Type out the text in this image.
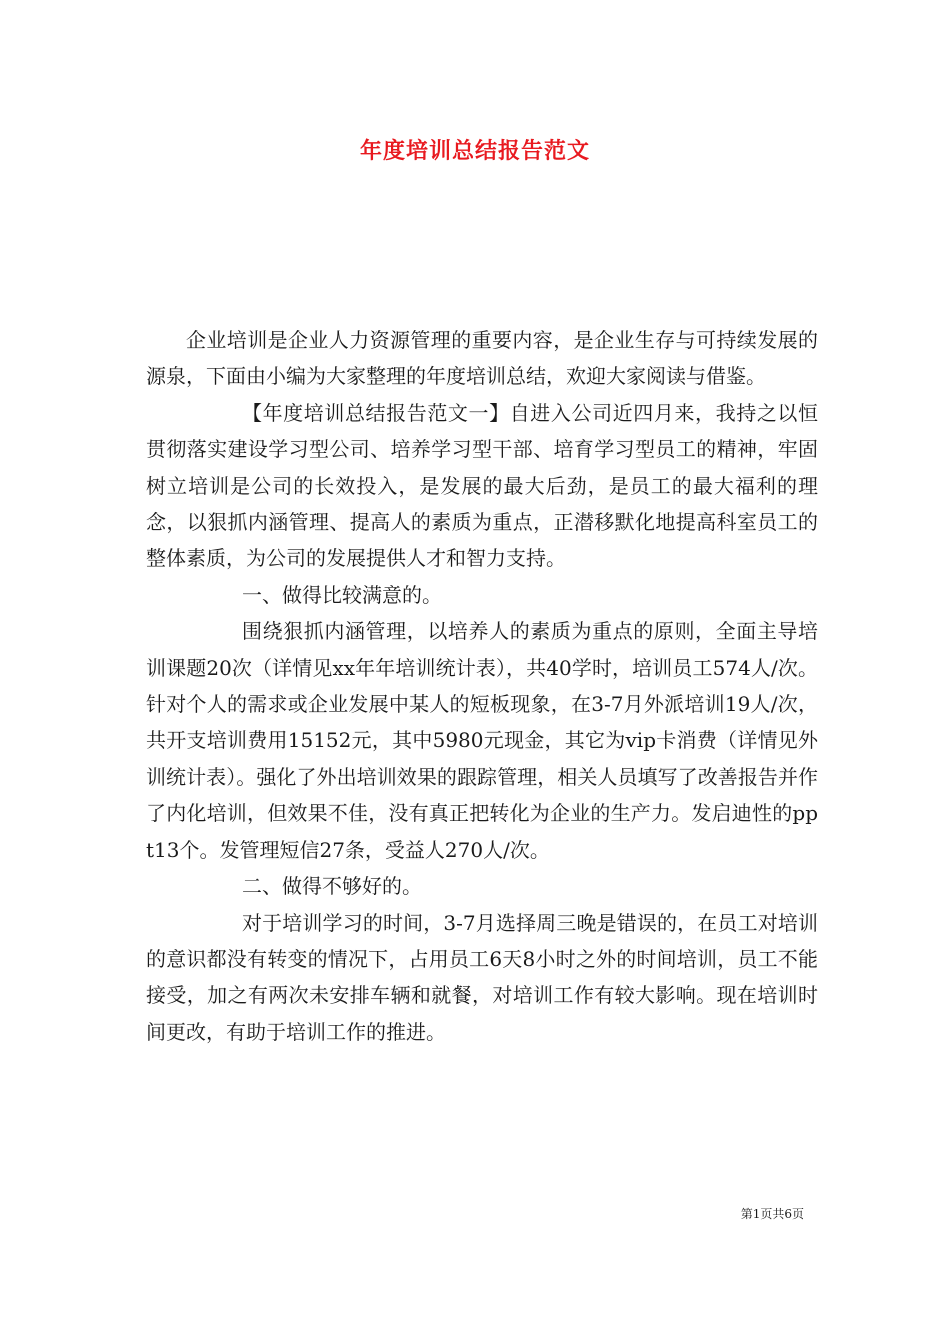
年度培训总结报告范文

企业培训是企业人力资源管理的重要内容，是企业生存与可持续发展的源泉，下面由小编为大家整理的年度培训总结，欢迎大家阅读与借鉴。

【年度培训总结报告范文一】自进入公司近四月来，我持之以恒贯彻落实建设学习型公司、培养学习型干部、培育学习型员工的精神，牢固树立培训是公司的长效投入，是发展的最大后劲，是员工的最大福利的理念，以狠抓内涵管理、提高人的素质为重点，正潜移默化地提高科室员工的整体素质，为公司的发展提供人才和智力支持。

一、做得比较满意的。

围绕狠抓内涵管理，以培养人的素质为重点的原则，全面主导培训课题20次（详情见xx年年培训统计表），共40学时，培训员工574人/次。针对个人的需求或企业发展中某人的短板现象，在3-7月外派培训19人/次，共开支培训费用15152元，其中5980元现金，其它为vip卡消费（详情见外训统计表）。强化了外出培训效果的跟踪管理，相关人员填写了改善报告并作了内化培训，但效果不佳，没有真正把转化为企业的生产力。发启迪性的ppt13个。发管理短信27条，受益人270人/次。

二、做得不够好的。

对于培训学习的时间，3-7月选择周三晚是错误的，在员工对培训的意识都没有转变的情况下，占用员工6天8小时之外的时间培训，员工不能接受，加之有两次未安排车辆和就餐，对培训工作有较大影响。现在培训时间更改，有助于培训工作的推进。

第1页共6页
